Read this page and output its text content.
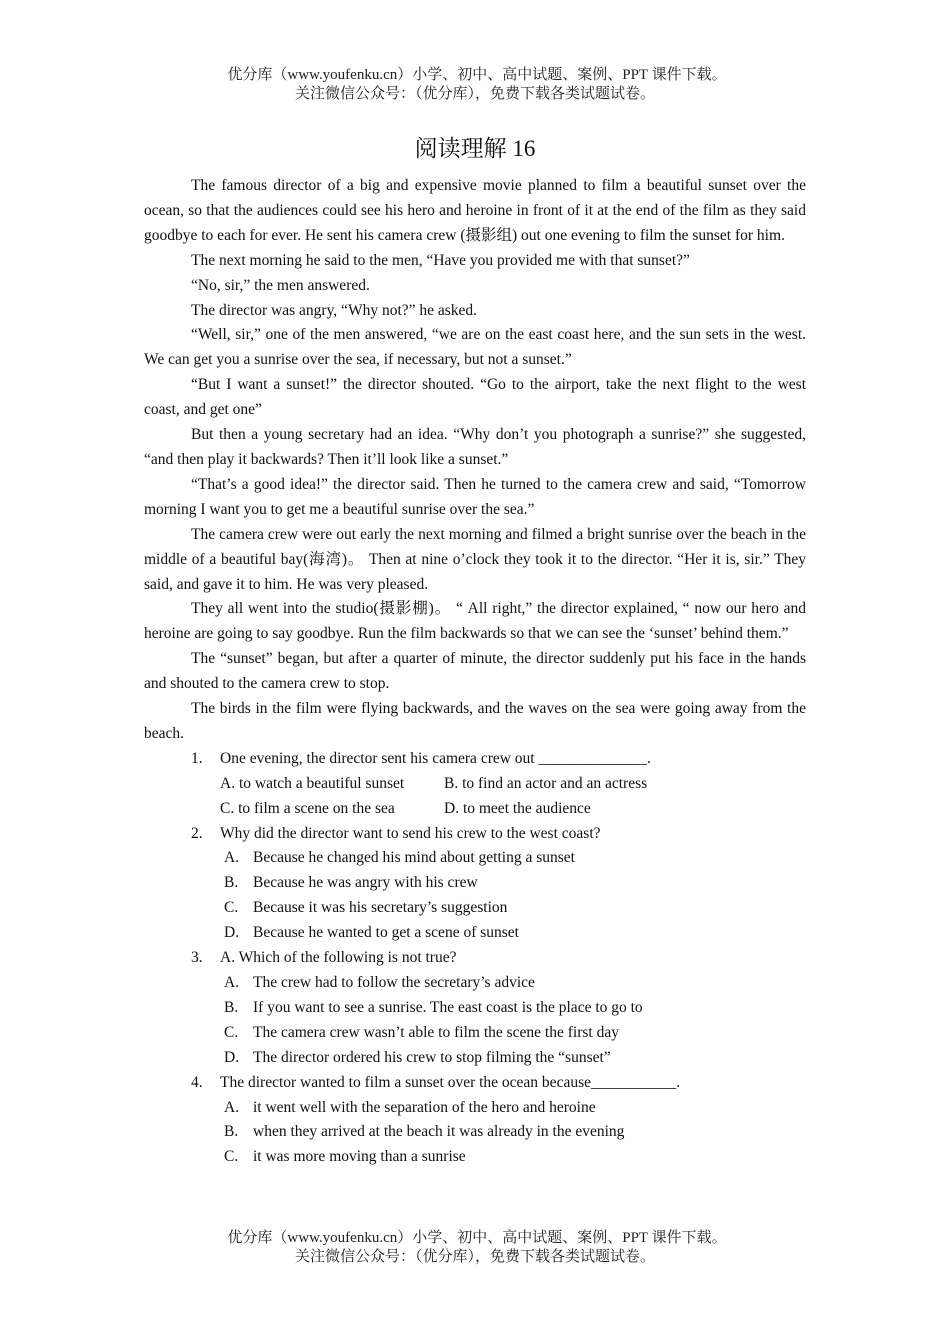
优分库（www.youfenku.cn）小学、初中、高中试题、案例、PPT 课件下载。
关注微信公众号：（优分库），免费下载各类试题试卷。
阅读理解 16

The famous director of a big and expensive movie planned to film a beautiful sunset over the ocean, so that the audiences could see his hero and heroine in front of it at the end of the film as they said goodbye to each for ever. He sent his camera crew (摄影组) out one evening to film the sunset for him.

The next morning he said to the men, “Have you provided me with that sunset?”

“No, sir,” the men answered.

The director was angry, “Why not?” he asked.

“Well, sir,” one of the men answered, “we are on the east coast here, and the sun sets in the west. We can get you a sunrise over the sea, if necessary, but not a sunset.”

“But I want a sunset!” the director shouted. “Go to the airport, take the next flight to the west coast, and get one”

But then a young secretary had an idea. “Why don’t you photograph a sunrise?” she suggested, “and then play it backwards? Then it’ll look like a sunset.”

“That’s a good idea!” the director said. Then he turned to the camera crew and said, “Tomorrow morning I want you to get me a beautiful sunrise over the sea.”

The camera crew were out early the next morning and filmed a bright sunrise over the beach in the middle of a beautiful bay(海湾)。 Then at nine o’clock they took it to the director. “Her it is, sir.” They said, and gave it to him. He was very pleased.

They all went into the studio(摄影棚)。 “ All right,” the director explained, “ now our hero and heroine are going to say goodbye. Run the film backwards so that we can see the ‘sunset’ behind them.”

The “sunset” began, but after a quarter of minute, the director suddenly put his face in the hands and shouted to the camera crew to stop.

The birds in the film were flying backwards, and the waves on the sea were going away from the beach.

1.	One evening, the director sent his camera crew out ______________.
A. to watch a beautiful sunset	B. to find an actor and an actress
C. to film a scene on the sea	D. to meet the audience
2.	Why did the director want to send his crew to the west coast?
A. Because he changed his mind about getting a sunset
B. Because he was angry with his crew
C. Because it was his secretary’s suggestion
D. Because he wanted to get a scene of sunset
3.	A. Which of the following is not true?
A. The crew had to follow the secretary’s advice
B. If you want to see a sunrise. The east coast is the place to go to
C. The camera crew wasn’t able to film the scene the first day
D. The director ordered his crew to stop filming the “sunset”
4.	The director wanted to film a sunset over the ocean because___________.
A. it went well with the separation of the hero and heroine
B. when they arrived at the beach it was already in the evening
C. it was more moving than a sunrise
优分库（www.youfenku.cn）小学、初中、高中试题、案例、PPT 课件下载。
关注微信公众号：（优分库），免费下载各类试题试卷。
